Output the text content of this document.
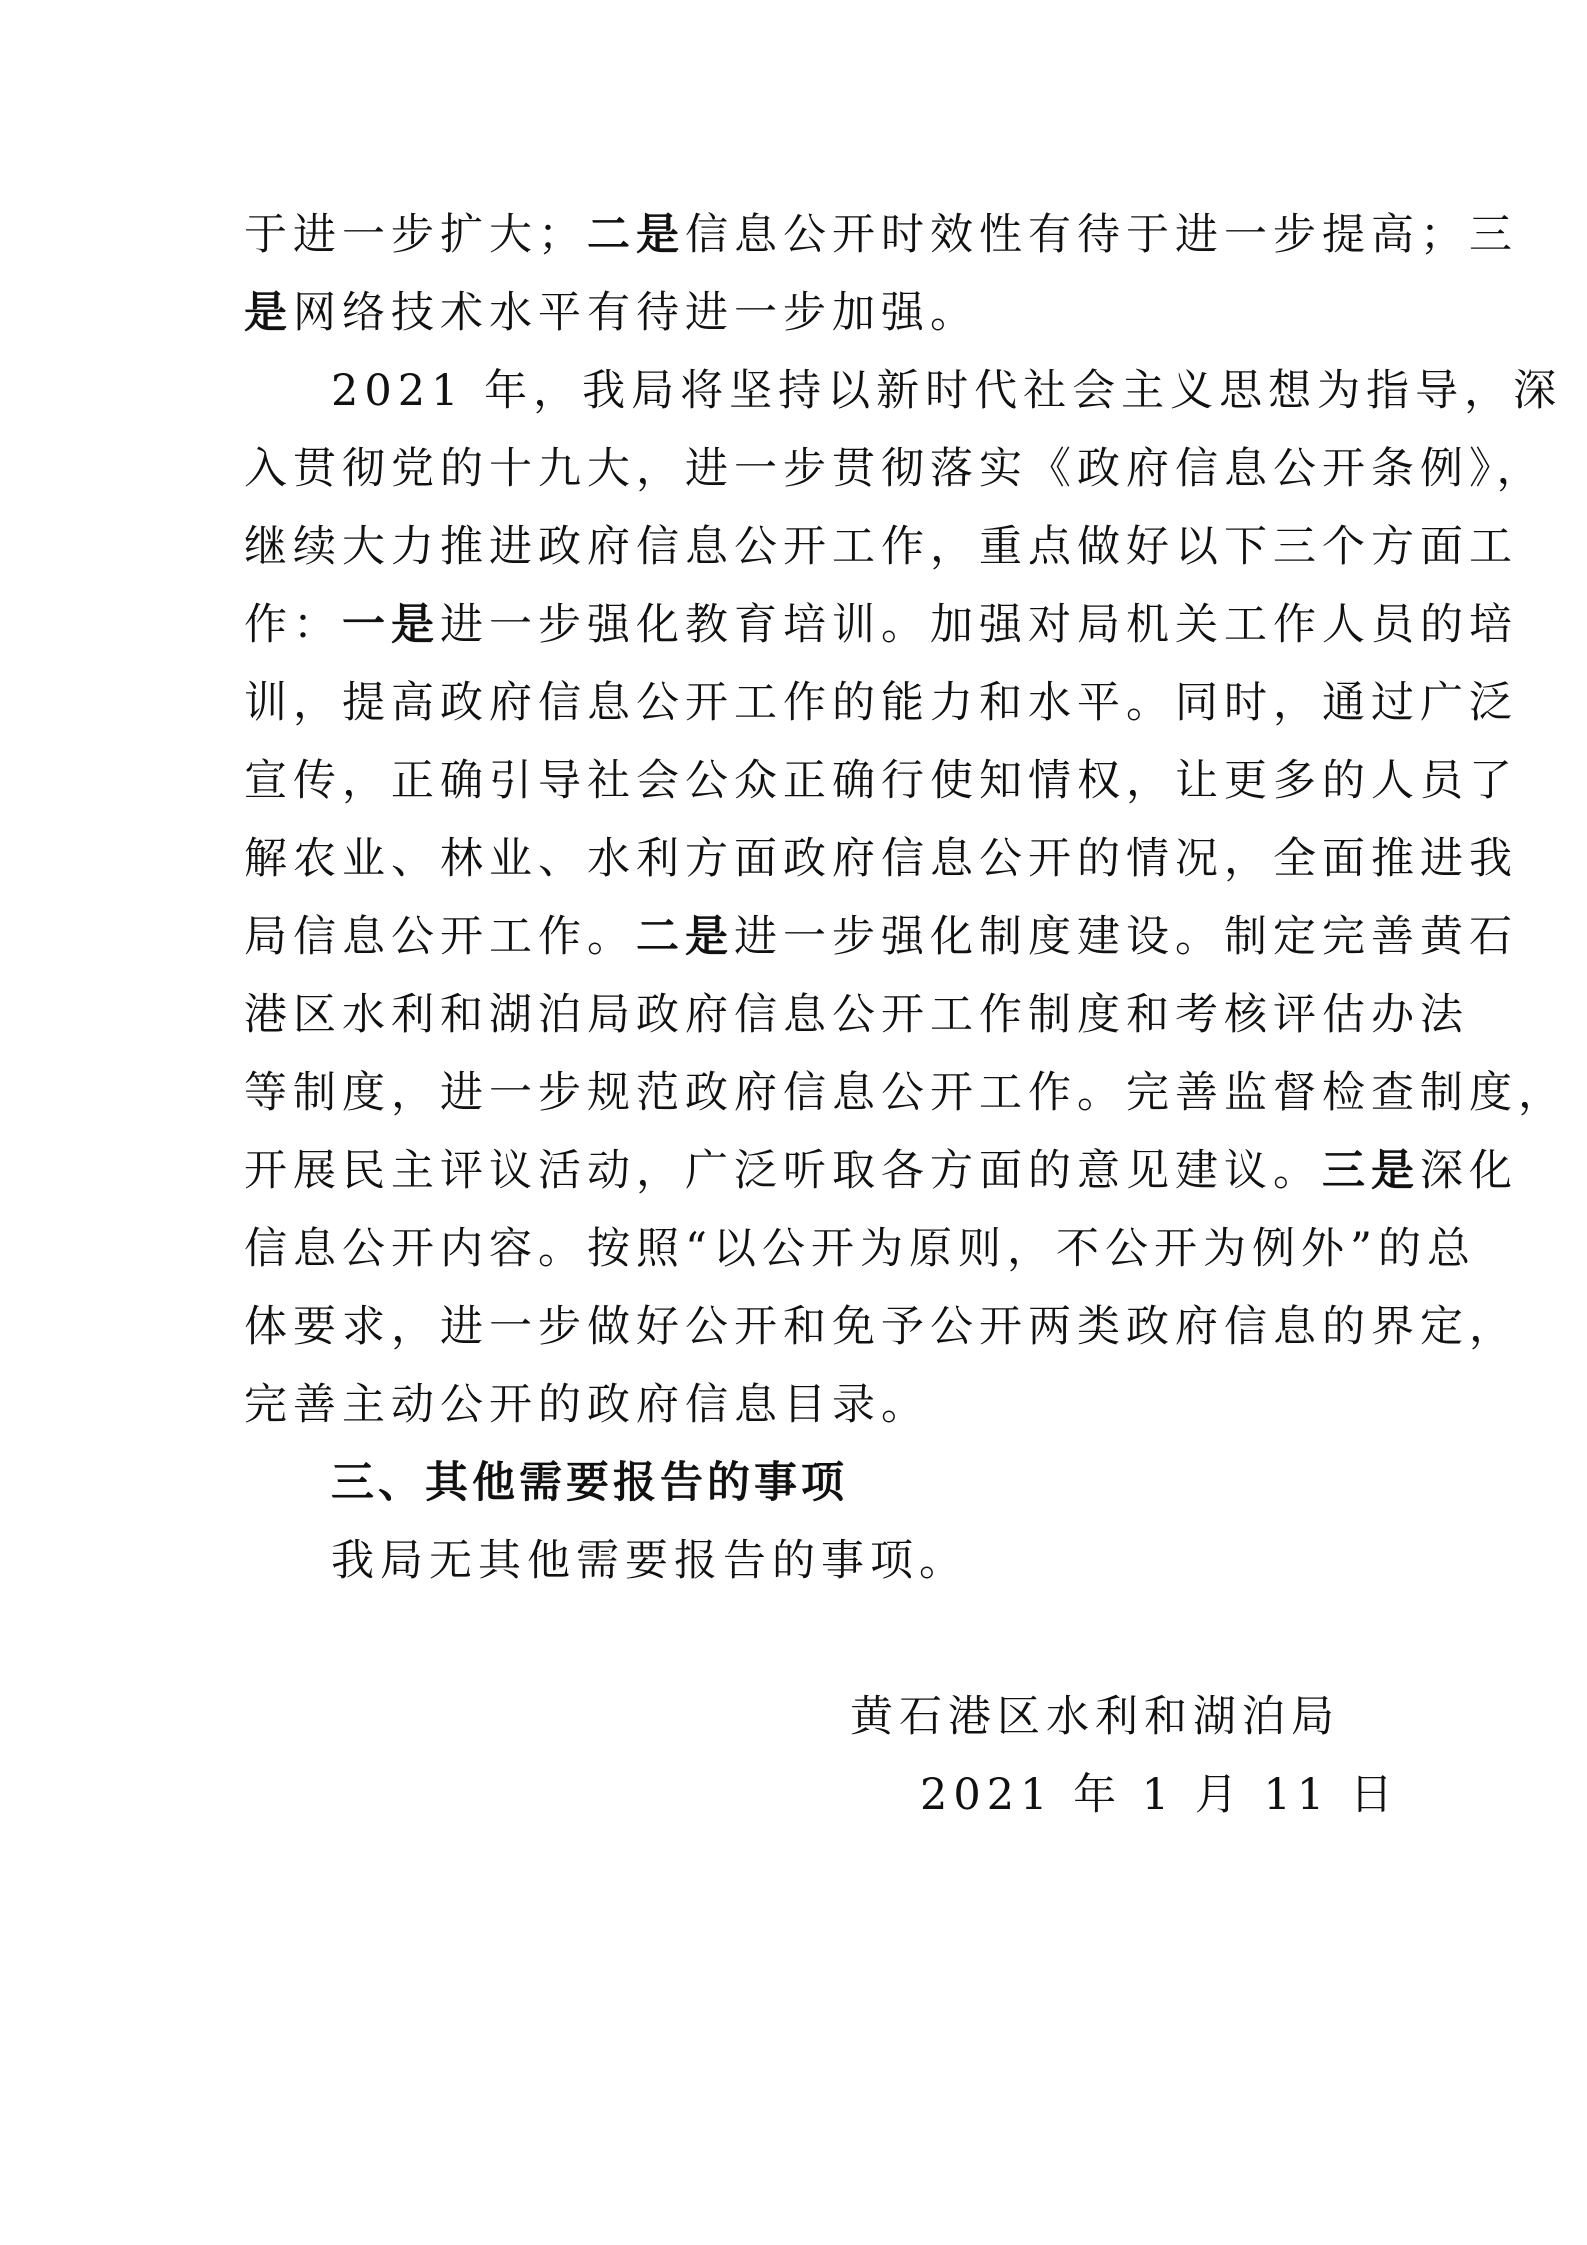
于进一步扩大；二是信息公开时效性有待于进一步提高；三
是网络技术水平有待进一步加强。
2021 年，我局将坚持以新时代社会主义思想为指导，深
入贯彻党的十九大，进一步贯彻落实《政府信息公开条例》，
继续大力推进政府信息公开工作，重点做好以下三个方面工
作：一是进一步强化教育培训。加强对局机关工作人员的培
训，提高政府信息公开工作的能力和水平。同时，通过广泛
宣传，正确引导社会公众正确行使知情权，让更多的人员了
解农业、林业、水利方面政府信息公开的情况，全面推进我
局信息公开工作。二是进一步强化制度建设。制定完善黄石
港区水利和湖泊局政府信息公开工作制度和考核评估办法
等制度，进一步规范政府信息公开工作。完善监督检查制度，
开展民主评议活动，广泛听取各方面的意见建议。三是深化
信息公开内容。按照“以公开为原则，不公开为例外”的总
体要求，进一步做好公开和免予公开两类政府信息的界定，
完善主动公开的政府信息目录。
三、其他需要报告的事项
我局无其他需要报告的事项。
黄石港区水利和湖泊局
2021 年 1 月 11 日
